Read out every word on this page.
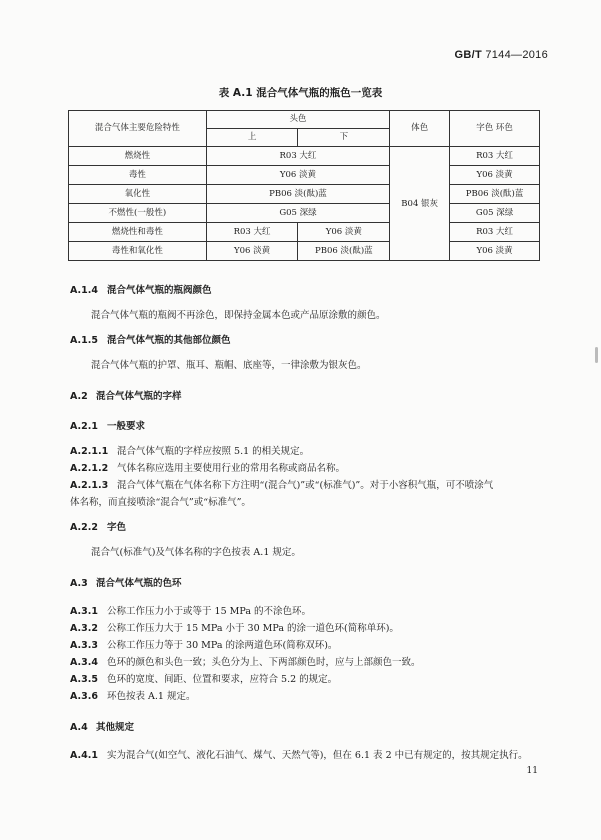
GB/T 7144—2016
表 A.1 混合气体气瓶的瓶色一览表
混合气体主要危险特性	头色		体色	字色 环色
	上	下		
燃烧性	R03 大红		B04 银灰	R03 大红
毒性	Y06 淡黄			Y06 淡黄
氧化性	PB06 淡(酞)蓝			PB06 淡(酞)蓝
不燃性(一般性)	G05 深绿			G05 深绿
燃烧性和毒性	R03 大红	Y06 淡黄		R03 大红
毒性和氧化性	Y06 淡黄	PB06 淡(酞)蓝		Y06 淡黄
A.1.4 混合气体气瓶的瓶阀颜色
混合气体气瓶的瓶阀不再涂色，即保持金属本色或产品原涂敷的颜色。
A.1.5 混合气体气瓶的其他部位颜色
混合气体气瓶的护罩、瓶耳、瓶帽、底座等，一律涂敷为银灰色。
A.2 混合气体气瓶的字样
A.2.1 一般要求
A.2.1.1 混合气体气瓶的字样应按照 5.1 的相关规定。
A.2.1.2 气体名称应选用主要使用行业的常用名称或商品名称。
A.2.1.3 混合气体气瓶在气体名称下方注明“(混合气)”或“(标准气)”。对于小容积气瓶，可不喷涂气
体名称，而直接喷涂“混合气”或“标准气”。
A.2.2 字色
混合气(标准气)及气体名称的字色按表 A.1 规定。
A.3 混合气体气瓶的色环
A.3.1 公称工作压力小于或等于 15 MPa 的不涂色环。
A.3.2 公称工作压力大于 15 MPa 小于 30 MPa 的涂一道色环(简称单环)。
A.3.3 公称工作压力等于 30 MPa 的涂两道色环(简称双环)。
A.3.4 色环的颜色和头色一致；头色分为上、下两部颜色时，应与上部颜色一致。
A.3.5 色环的宽度、间距、位置和要求，应符合 5.2 的规定。
A.3.6 环色按表 A.1 规定。
A.4 其他规定
A.4.1 实为混合气(如空气、液化石油气、煤气、天然气等)，但在 6.1 表 2 中已有规定的，按其规定执行。
11
